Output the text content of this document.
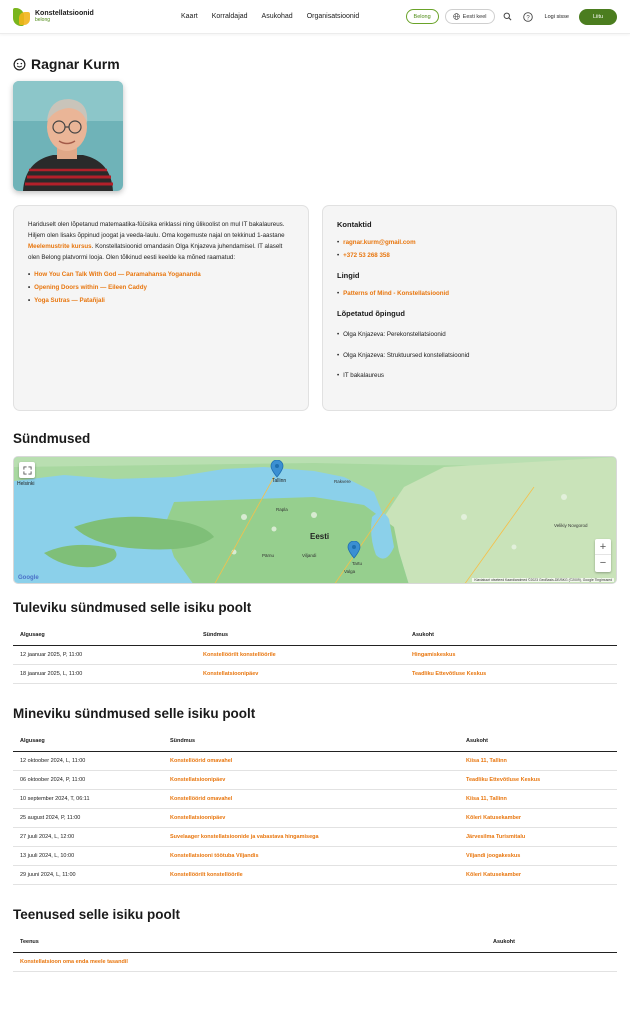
Konstellatsioonid
belong	Kaart Korraldajad Asukohad Organisatsioonid	Belong	Eesti keel	?	Logi sisse	Liitu
Ragnar Kurm

Hariduselt olen lõpetanud matemaatika-füüsika eriklassi ning ülikoolist on mul IT bakalaureus. Hiljem olen lisaks õppinud joogat ja veeda-laulu. Oma kogemuste najal on tekkinud 1-aastane Meelemustrite kursus. Konstellatsioonid omandasin Olga Knjazeva juhendamisel. IT alaselt olen Belong platvormi looja. Olen tõlkinud eesti keelde ka mõned raamatud:

• How You Can Talk With God — Paramahansa Yogananda
• Opening Doors within — Eileen Caddy
• Yoga Sutras — Patañjali
Kontaktid
• ragnar.kurm@gmail.com
• +372 53 268 358
Lingid
• Patterns of Mind - Konstellatsioonid
Lõpetatud õpingud
• Olga Knjazeva: Perekonstellatsioonid
• Olga Knjazeva: Struktuursed konstellatsioonid
• IT bakalaureus
Sündmused
Tallinn
Eesti
Tartu
Velikiy Novgorod
Rakvere
Pärnu	Viljandi
Rapla
Valga
Helsinki
+
−
Google	Klaviatuuri otseteed Kaardiandmed ©2023 GeoBasis-DE/BKG (©2009), Google Tingimused
Tuleviku sündmused selle isiku poolt
Algusaeg	Sündmus	Asukoht
12 jaanuar 2025, P, 11:00	Konstellöörilt konstellöörile	Hingamiskeskus
18 jaanuar 2025, L, 11:00	Konstellatsioonipäev	Teadliku Ettevõtluse Keskus
Mineviku sündmused selle isiku poolt
Algusaeg	Sündmus	Asukoht
12 oktoober 2024, L, 11:00	Konstellöörid omavahel	Kiisa 11, Tallinn
06 oktoober 2024, P, 11:00	Konstellatsioonipäev	Teadliku Ettevõtluse Keskus
10 september 2024, T, 06:11	Konstellöörid omavahel	Kiisa 11, Tallinn
25 august 2024, P, 11:00	Konstellatsioonipäev	Kõleri Katusekamber
27 juuli 2024, L, 12:00	Suvelaager konstellatsioonide ja vabastava hingamisega	Järvesilma Turismitalu
13 juuli 2024, L, 10:00	Konstellatsiooni töötuba Viljandis	Viljandi joogakeskus
29 juuni 2024, L, 11:00	Konstellöörilt konstellöörile	Kõleri Katusekamber
Teenused selle isiku poolt
Teenus	Asukoht
Konstellatsioon oma enda meele tasandil	
